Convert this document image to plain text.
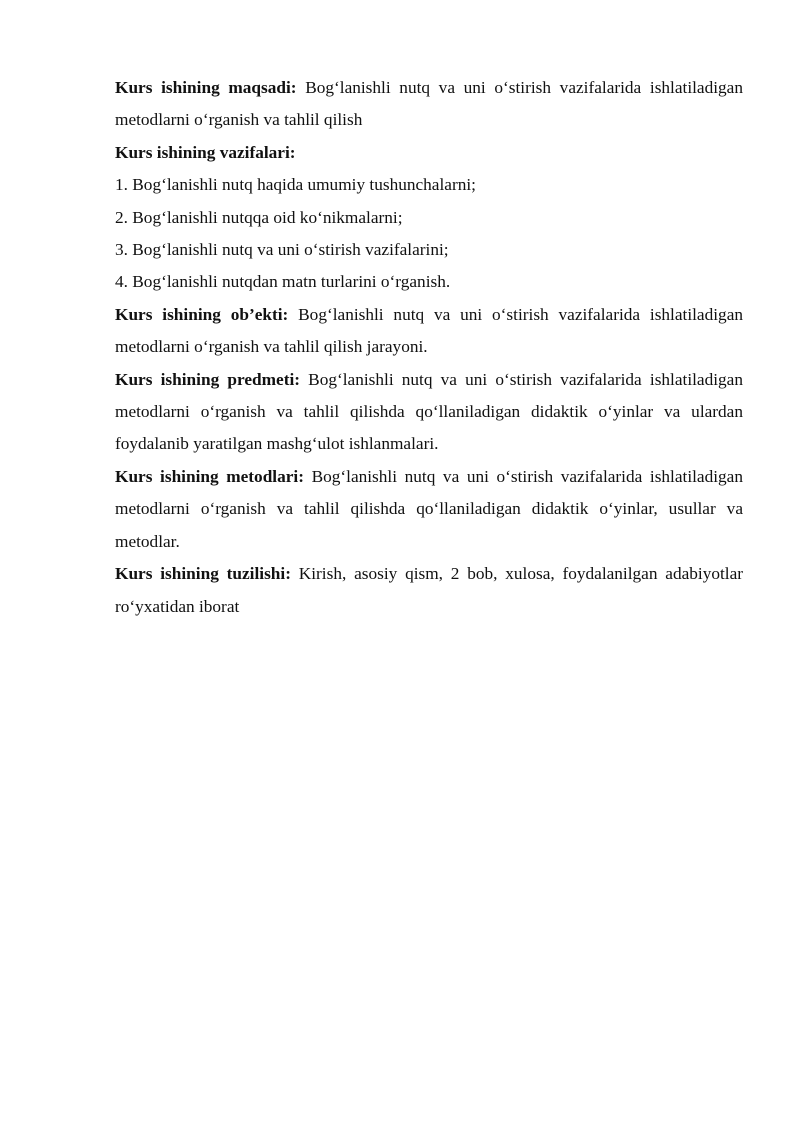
Kurs ishining maqsadi: Bog‘lanishli nutq va uni o‘stirish vazifalarida ishlatiladigan metodlarni o‘rganish va tahlil qilish

Kurs ishining vazifalari:

1. Bog‘lanishli nutq haqida umumiy tushunchalarni;

2. Bog‘lanishli nutqqa oid ko‘nikmalarni;

3. Bog‘lanishli nutq va uni o‘stirish vazifalarini;

4. Bog‘lanishli nutqdan matn turlarini o‘rganish.

Kurs ishining ob’ekti: Bog‘lanishli nutq va uni o‘stirish vazifalarida ishlatiladigan metodlarni o‘rganish va tahlil qilish jarayoni.

Kurs ishining predmeti: Bog‘lanishli nutq va uni o‘stirish vazifalarida ishlatiladigan metodlarni o‘rganish va tahlil qilishda qo‘llaniladigan didaktik o‘yinlar va ulardan foydalanib yaratilgan mashg‘ulot ishlanmalari.

Kurs ishining metodlari: Bog‘lanishli nutq va uni o‘stirish vazifalarida ishlatiladigan metodlarni o‘rganish va tahlil qilishda qo‘llaniladigan didaktik o‘yinlar, usullar va metodlar.

Kurs ishining tuzilishi: Kirish, asosiy qism, 2 bob, xulosa, foydalanilgan adabiyotlar ro‘yxatidan iborat
